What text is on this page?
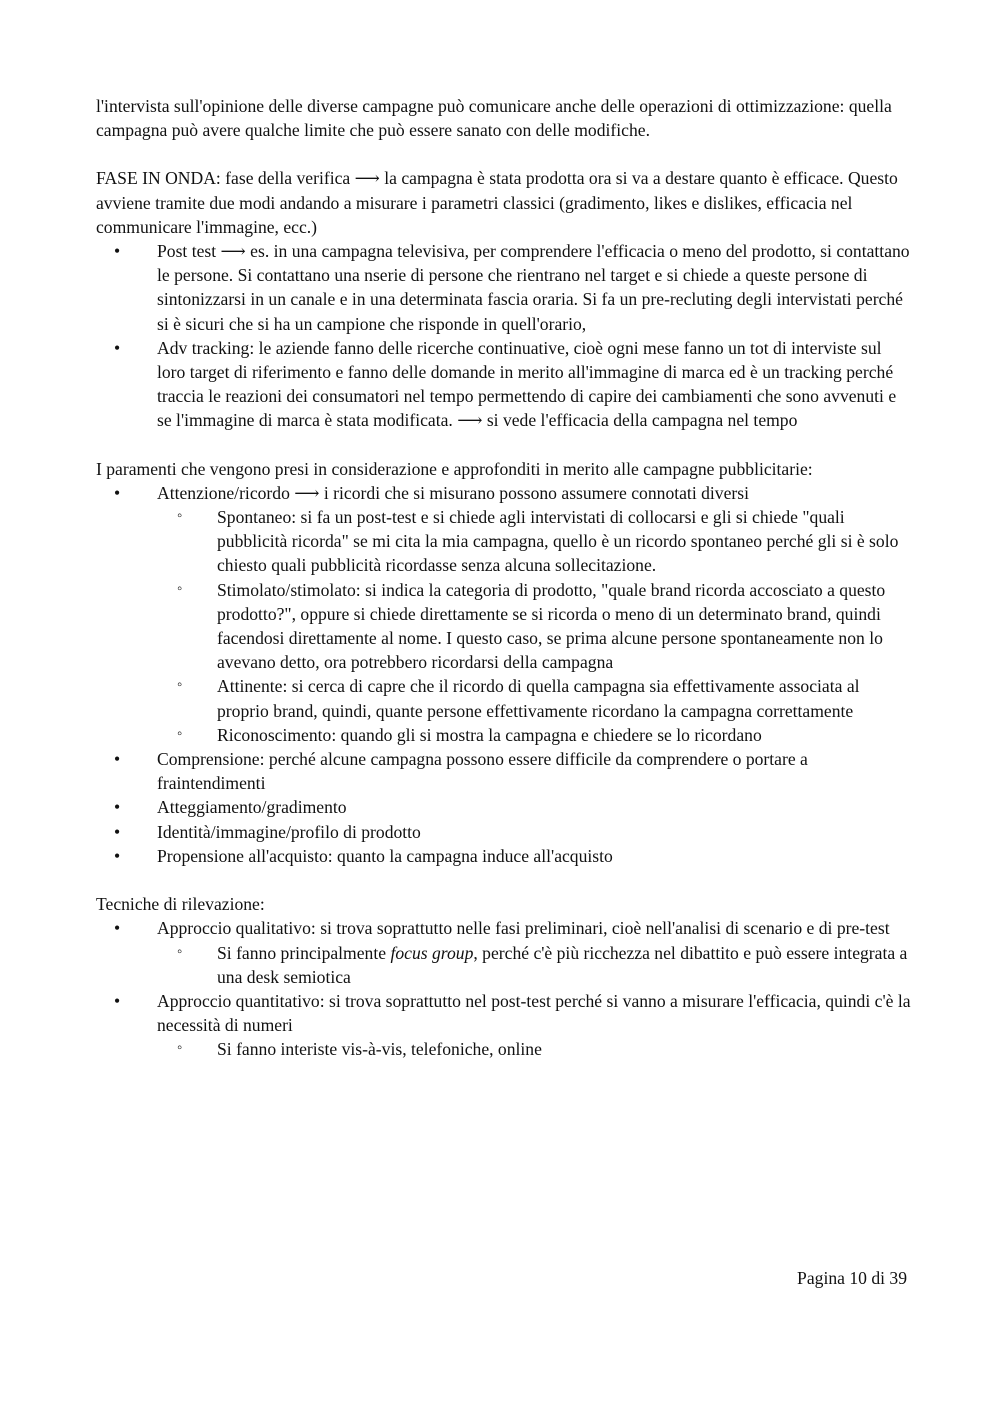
l'intervista sull'opinione delle diverse campagne può comunicare anche delle operazioni di ottimizzazione: quella campagna può avere qualche limite che può essere sanato con delle modifiche.

FASE IN ONDA: fase della verifica ⟶ la campagna è stata prodotta ora si va a destare quanto è efficace. Questo avviene tramite due modi andando a misurare i parametri classici (gradimento, likes e dislikes, efficacia nel communicare l'immagine, ecc.)

• Post test ⟶ es. in una campagna televisiva, per comprendere l'efficacia o meno del prodotto, si contattano le persone. Si contattano una nserie di persone che rientrano nel target e si chiede a queste persone di sintonizzarsi in un canale e in una determinata fascia oraria. Si fa un pre-recluting degli intervistati perché si è sicuri che si ha un campione che risponde in quell'orario,
• Adv tracking: le aziende fanno delle ricerche continuative, cioè ogni mese fanno un tot di interviste sul loro target di riferimento e fanno delle domande in merito all'immagine di marca ed è un tracking perché traccia le reazioni dei consumatori nel tempo permettendo di capire dei cambiamenti che sono avvenuti e se l'immagine di marca è stata modificata. ⟶ si vede l'efficacia della campagna nel tempo

I paramenti che vengono presi in considerazione e approfonditi in merito alle campagne pubblicitarie:

• Attenzione/ricordo ⟶ i ricordi che si misurano possono assumere connotati diversi
◦ Spontaneo: si fa un post-test e si chiede agli intervistati di collocarsi e gli si chiede "quali pubblicità ricorda" se mi cita la mia campagna, quello è un ricordo spontaneo perché gli si è solo chiesto quali pubblicità ricordasse senza alcuna sollecitazione.
◦ Stimolato/stimolato: si indica la categoria di prodotto, "quale brand ricorda accosciato a questo prodotto?", oppure si chiede direttamente se si ricorda o meno di un determinato brand, quindi facendosi direttamente al nome. I questo caso, se prima alcune persone spontaneamente non lo avevano detto, ora potrebbero ricordarsi della campagna
◦ Attinente: si cerca di capre che il ricordo di quella campagna sia effettivamente associata al proprio brand, quindi, quante persone effettivamente ricordano la campagna correttamente
◦ Riconoscimento: quando gli si mostra la campagna e chiedere se lo ricordano
• Comprensione: perché alcune campagna possono essere difficile da comprendere o portare a fraintendimenti
• Atteggiamento/gradimento
• Identità/immagine/profilo di prodotto
• Propensione all'acquisto: quanto la campagna induce all'acquisto

Tecniche di rilevazione:

• Approccio qualitativo: si trova soprattutto nelle fasi preliminari, cioè nell'analisi di scenario e di pre-test
◦ Si fanno principalmente focus group, perché c'è più ricchezza nel dibattito e può essere integrata a una desk semiotica
• Approccio quantitativo: si trova soprattutto nel post-test perché si vanno a misurare l'efficacia, quindi c'è la necessità di numeri
◦ Si fanno interiste vis-à-vis, telefoniche, online
Pagina 10 di 39
